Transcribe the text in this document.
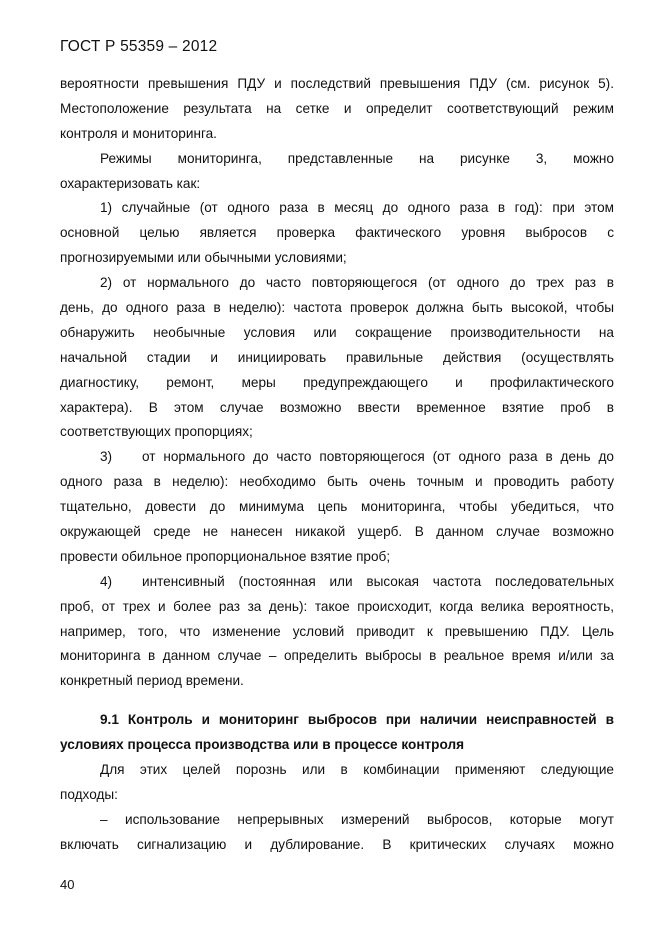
ГОСТ Р 55359 – 2012
вероятности превышения ПДУ и последствий превышения ПДУ (см. рисунок 5).
Местоположение результата на сетке и определит соответствующий режим
контроля и мониторинга.
Режимы мониторинга, представленные на рисунке 3, можно
охарактеризовать как:
1) случайные (от одного раза в месяц до одного раза в год): при этом
основной целью является проверка фактического уровня выбросов с
прогнозируемыми или обычными условиями;
2) от нормального до часто повторяющегося (от одного до трех раз в
день, до одного раза в неделю): частота проверок должна быть высокой, чтобы
обнаружить необычные условия или сокращение производительности на
начальной стадии и инициировать правильные действия (осуществлять
диагностику, ремонт, меры предупреждающего и профилактического
характера). В этом случае возможно ввести временное взятие проб в
соответствующих пропорциях;
3)	от нормального до часто повторяющегося (от одного раза в день до
одного раза в неделю): необходимо быть очень точным и проводить работу
тщательно, довести до минимума цепь мониторинга, чтобы убедиться, что
окружающей среде не нанесен никакой ущерб. В данном случае возможно
провести обильное пропорциональное взятие проб;
4)	интенсивный (постоянная или высокая частота последовательных
проб, от трех и более раз за день): такое происходит, когда велика вероятность,
например, того, что изменение условий приводит к превышению ПДУ. Цель
мониторинга в данном случае – определить выбросы в реальное время и/или за
конкретный период времени.
9.1 Контроль и мониторинг выбросов при наличии неисправностей в
условиях процесса производства или в процессе контроля
Для этих целей порознь или в комбинации применяют следующие
подходы:
– использование непрерывных измерений выбросов, которые могут
включать сигнализацию и дублирование. В критических случаях можно
40
